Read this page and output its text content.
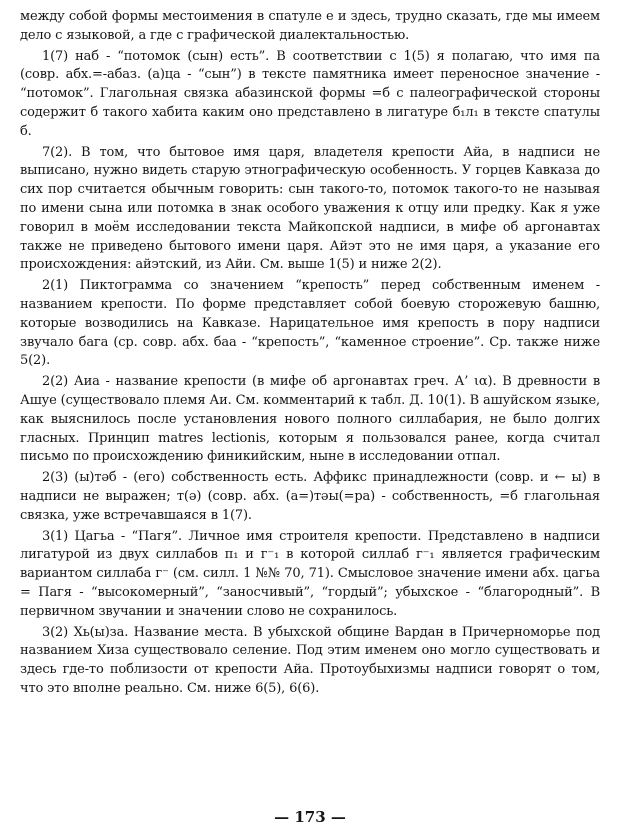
между собой формы местоимения в спатуле е и здесь, трудно сказать, где мы имеем дело с языковой, а где с графической диалектальностью.

1(7) наб - “потомок (сын) есть”. В соответствии с 1(5) я полагаю, что имя па (совр. абх.=-абаз. (а)ца - “сын”) в тексте памятника имеет переносное значение - “потомок”. Глагольная связка абазинской формы =б с палеографической стороны содержит б такого хабита каким оно представлено в лигатуре б₁л₁ в тексте спатулы б.

7(2). В том, что бытовое имя царя, владетеля крепости Айа, в надписи не выписано, нужно видеть старую этнографическую особенность. У горцев Кавказа до сих пор считается обычным говорить: сын такого-то, потомок такого-то не называя по имени сына или потомка в знак особого уважения к отцу или предку. Как я уже говорил в моём исследовании текста Майкопской надписи, в мифе об аргонавтах также не приведено бытового имени царя. Айэт это не имя царя, а указание его происхождения: айэтский, из Айи. См. выше 1(5) и ниже 2(2).

2(1) Пиктограмма со значением “крепость” перед собственным именем - названием крепости. По форме представляет собой боевую сторожевую башню, которые возводились на Кавказе. Нарицательное имя крепость в пору надписи звучало бага (ср. совр. абх. баа - “крепость”, “каменное строение”. Ср. также ниже 5(2).

2(2) Аиа - название крепости (в мифе об аргонавтах греч. А’ ια). В древности в Ашуе (существовало племя Аи. См. комментарий к табл. Д. 10(1). В ашуйском языке, как выяснилось после установления нового полного силлабария, не было долгих гласных. Принцип matres lectionis, которым я пользовался ранее, когда считал письмо по происхождению финикийским, ныне в исследовании отпал.

2(3) (ы)тәб - (его) собственность есть. Аффикс принадлежности (совр. и ← ы) в надписи не выражен; т(ә) (совр. абх. (а=)тәы(=ра) - собственность, =б глагольная связка, уже встречавшаяся в 1(7).

3(1) Цагьа - “Пагя”. Личное имя строителя крепости. Представлено в надписи лигатурой из двух силлабов п₁ и г⁻₁ в которой силлаб г⁻₁ является графическим вариантом силлаба г⁻ (см. силл. 1 №№ 70, 71). Смысловое значение имени абх. цагьа = Пагя - “высокомерный”, “заносчивый”, “гордый”; убыхское - “благородный”. В первичном звучании и значении слово не сохранилось.

3(2) Хь(ы)за. Название места. В убыхской общине Вардан в Причерноморье под названием Хиза существовало селение. Под этим именем оно могло существовать и здесь где-то поблизости от крепости Айа. Протоубыхизмы надписи говорят о том, что это вполне реально. См. ниже 6(5), 6(6).

— 173 —
